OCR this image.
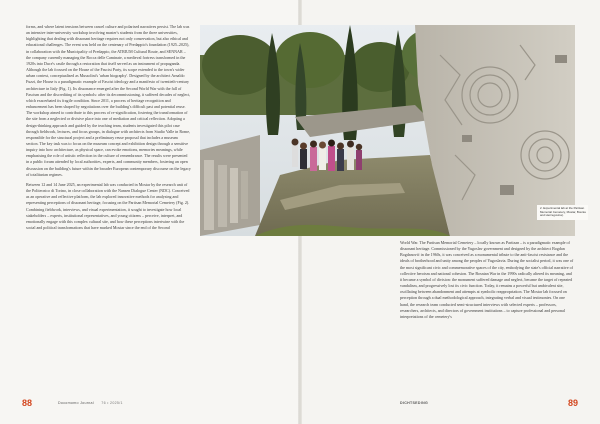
forms, and where latent tensions between cancel culture and polarised narratives persist. The lab was an intensive inter-university workshop involving master's students from the three universities, highlighting that dealing with dissonant heritage requires not only conservation, but also ethical and educational challenges. The event was held on the centenary of Predappio's foundation (1925–2025), in collaboration with the Municipality of Predappio, the ATRIUM Cultural Route, and SENNAR – the company currently managing the Rocca delle Caminate, a medieval fortress transformed in the 1920s into Duce's castle through a restoration that itself served as an instrument of propaganda. Although the lab focused on the House of the Fascist Party, its scope extended to the town's wider urban context, conceptualised as Mussolini's 'urban biography'. Designed by the architect Arnaldo Fuzzi, the House is a paradigmatic example of Fascist ideology and a manifesto of twentieth-century architecture in Italy (Fig. 1). Its dissonance emerged after the Second World War with the fall of Fascism and the discrediting of its symbols: after its decommissioning, it suffered decades of neglect, which exacerbated its fragile condition. Since 2011, a process of heritage recognition and enhancement has been shaped by negotiations over the building's difficult past and potential reuse. The workshop aimed to contribute to this process of re-signification, fostering the transformation of the site from a neglected or divisive place into one of mediation and critical reflection. Adopting a design-thinking approach and guided by the teaching team, students investigated this pilot case through fieldwork, lectures, and focus groups, in dialogue with architects from Studio Valle in Rome, responsible for the structural project and a preliminary reuse proposal that includes a museum section. The key task was to focus on the museum concept and exhibition design through a sensitive inquiry into how architecture, as physical space, can evoke emotions, memories meanings, while emphasising the role of artistic reflection in the culture of remembrance. The results were presented in a public forum attended by local authorities, experts, and community members, fostering an open discussion on the building's future within the broader European contemporary discourse on the legacy of totalitarian regimes.

Between 12 and 14 June 2025, an experimental lab was conducted in Mostar by the research unit of the Politecnico di Torino, in close collaboration with the Nansen Dialogue Center (NDC). Conceived as an operative and reflective platform, the lab explored innovative methods for analysing and representing perceptions of dissonant heritage, focusing on the Partisan Memorial Cemetery (Fig. 2). Combining fieldwork, interviews, and visual experimentation, it sought to investigate how local stakeholders – experts, institutional representatives, and young citizens – perceive, interpret, and emotionally engage with this complex cultural site, and how these perceptions intertwine with the social and political transformations that have marked Mostar since the end of the Second

88	Docomomo Journal 76 • 2025/1

World War. The Partisan Memorial Cemetery – locally known as Partizan – is a paradigmatic example of dissonant heritage. Commissioned by the Yugoslav government and designed by the architect Bogdan Bogdanović in the 1960s, it was conceived as a monumental tribute to the anti-fascist resistance and the ideals of brotherhood and unity among the peoples of Yugoslavia. During the socialist period, it was one of the most significant civic and commemorative spaces of the city, embodying the state's official narrative of collective heroism and national cohesion. The Bosnian War in the 1990s radically altered its meaning, and it became a symbol of division: the monument suffered damage and neglect, became the target of repeated vandalism, and progressively lost its civic function. Today, it remains a powerful but ambivalent site, oscillating between abandonment and attempts at symbolic reappropriation. The Mostar lab focused on perception through a dual methodological approach, integrating verbal and visual testimonies. On one hand, the research team conducted semi-structured interviews with selected experts – professors, researchers, architects, and directors of government institutions – to capture professional and personal interpretations of the cemetery's

89
DICHTSEDING
2. Experimental lab at the Partisan Memorial Cemetery, Mostar, Bosnia and Herzegovina).
